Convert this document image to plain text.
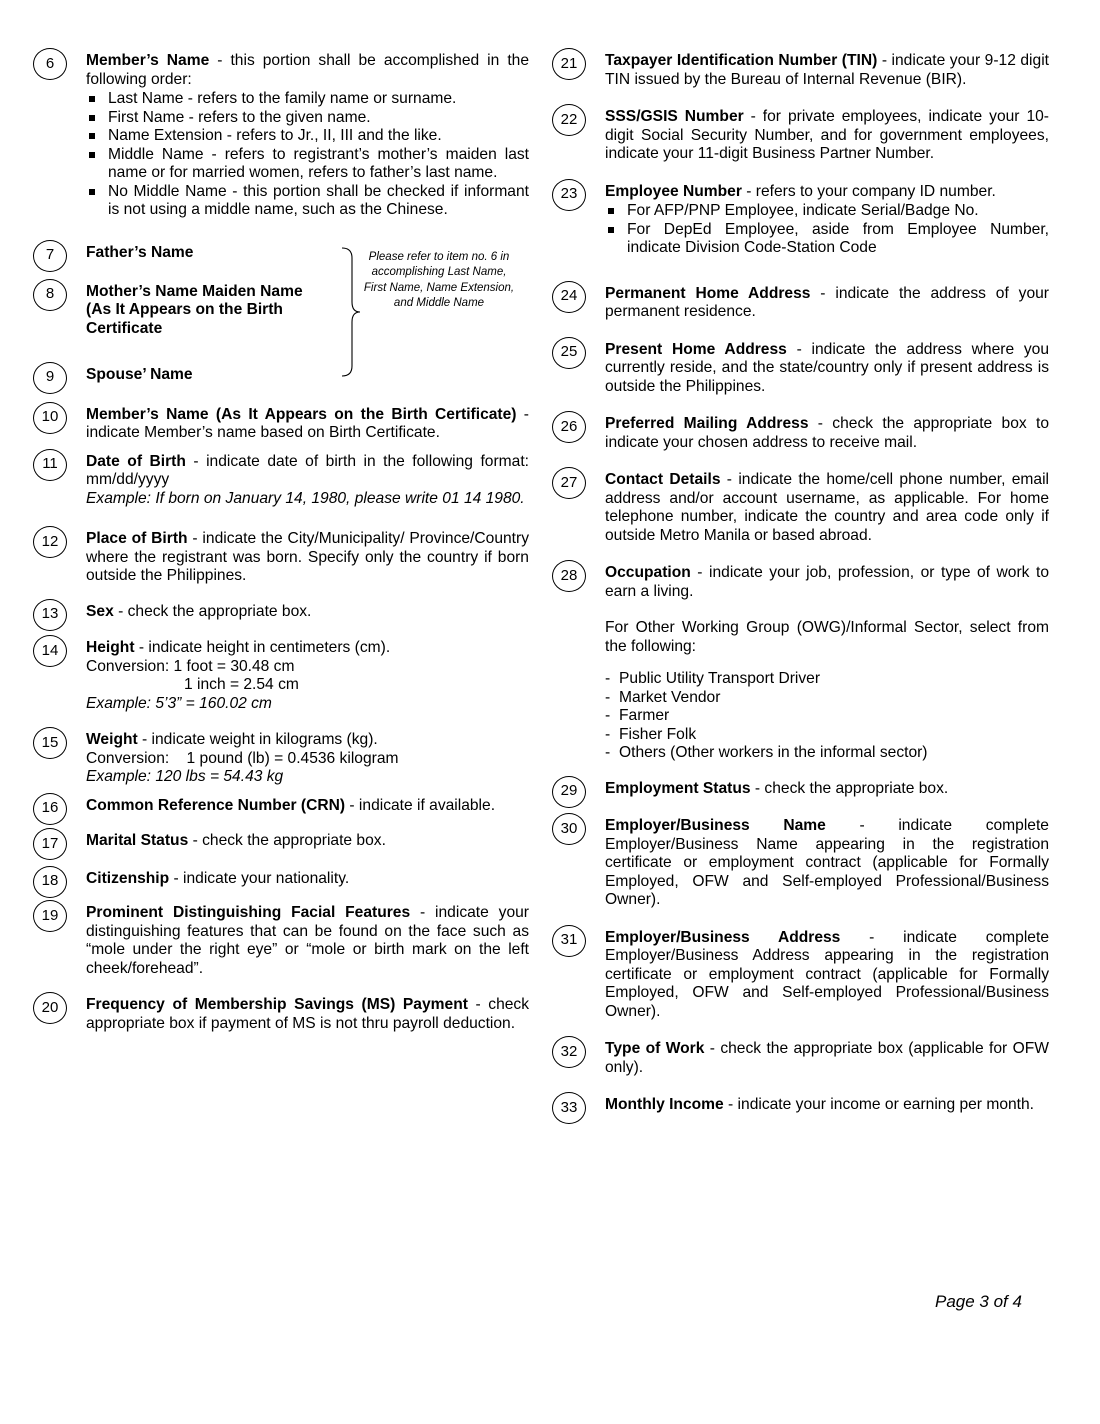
6	Member’s Name - this portion shall be accomplished in the following order:
Last Name - refers to the family name or surname.
First Name - refers to the given name.
Name Extension - refers to Jr., II, III and the like.
Middle Name - refers to registrant’s mother’s maiden last name or for married women, refers to father’s last name.
No Middle Name - this portion shall be checked if informant is not using a middle name, such as the Chinese.
7	Father’s Name
8	Mother’s Name Maiden Name (As It Appears on the Birth Certificate
9	Spouse’ Name
Please refer to item no. 6 in accomplishing Last Name, First Name, Name Extension, and Middle Name
10	Member’s Name (As It Appears on the Birth Certificate) - indicate Member’s name based on Birth Certificate.
11	Date of Birth - indicate date of birth in the following format: mm/dd/yyyy
Example: If born on January 14, 1980, please write 01 14 1980.
12	Place of Birth - indicate the City/Municipality/ Province/Country where the registrant was born. Specify only the country if born outside the Philippines.
13	Sex - check the appropriate box.
14	Height - indicate height in centimeters (cm).
Conversion: 1 foot = 30.48 cm
1 inch = 2.54 cm
Example: 5’3” = 160.02 cm
15	Weight - indicate weight in kilograms (kg).
Conversion:    1 pound (lb) = 0.4536 kilogram
Example: 120 lbs = 54.43 kg
16	Common Reference Number (CRN) - indicate if available.
17	Marital Status - check the appropriate box.
18	Citizenship - indicate your nationality.
19	Prominent Distinguishing Facial Features - indicate your distinguishing features that can be found on the face such as “mole under the right eye” or “mole or birth mark on the left cheek/forehead”.
20	Frequency of Membership Savings (MS) Payment - check appropriate box if payment of MS is not thru payroll deduction.
21	Taxpayer Identification Number (TIN) - indicate your 9-12 digit TIN issued by the Bureau of Internal Revenue (BIR).
22	SSS/GSIS Number - for private employees, indicate your 10-digit Social Security Number, and for government employees, indicate your 11-digit Business Partner Number.
23	Employee Number - refers to your company ID number.
For AFP/PNP Employee, indicate Serial/Badge No.
For DepEd Employee, aside from Employee Number, indicate Division Code-Station Code
24	Permanent Home Address - indicate the address of your permanent residence.
25	Present Home Address - indicate the address where you currently reside, and the state/country only if present address is outside the Philippines.
26	Preferred Mailing Address - check the appropriate box to indicate your chosen address to receive mail.
27	Contact Details - indicate the home/cell phone number, email address and/or account username, as applicable. For home telephone number, indicate the country and area code only if outside Metro Manila or based abroad.
28	Occupation - indicate your job, profession, or type of work to earn a living.
For Other Working Group (OWG)/Informal Sector, select from the following:
- Public Utility Transport Driver
- Market Vendor
- Farmer
- Fisher Folk
- Others (Other workers in the informal sector)
29	Employment Status - check the appropriate box.
30	Employer/Business Name - indicate complete Employer/Business Name appearing in the registration certificate or employment contract (applicable for Formally Employed, OFW and Self-employed Professional/Business Owner).
31	Employer/Business Address - indicate complete Employer/Business Address appearing in the registration certificate or employment contract (applicable for Formally Employed, OFW and Self-employed Professional/Business Owner).
32	Type of Work - check the appropriate box (applicable for OFW only).
33	Monthly Income - indicate your income or earning per month.
Page 3 of 4
